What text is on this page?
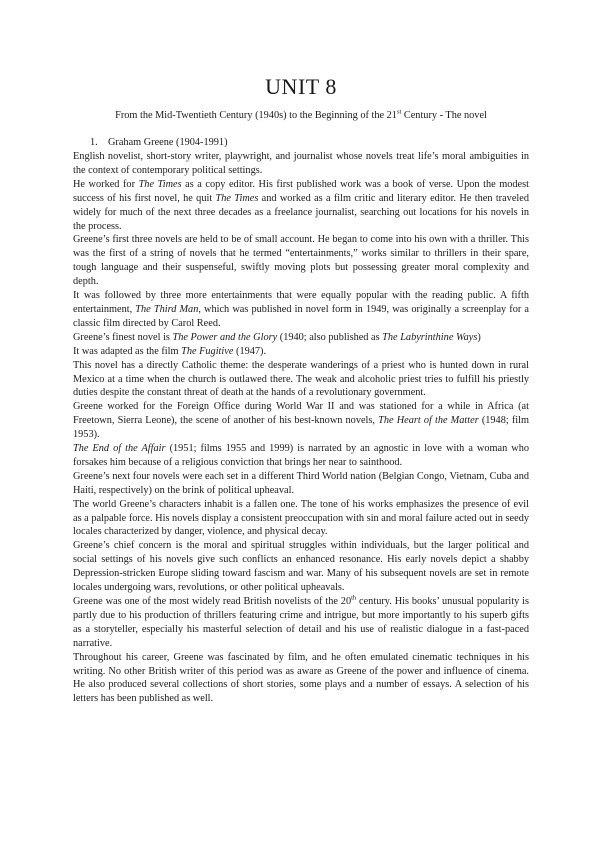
UNIT 8
From the Mid-Twentieth Century (1940s) to the Beginning of the 21st Century - The novel
1. Graham Greene (1904-1991)

English novelist, short-story writer, playwright, and journalist whose novels treat life’s moral ambiguities in the context of contemporary political settings.

He worked for The Times as a copy editor. His first published work was a book of verse. Upon the modest success of his first novel, he quit The Times and worked as a film critic and literary editor. He then traveled widely for much of the next three decades as a freelance journalist, searching out locations for his novels in the process.

Greene’s first three novels are held to be of small account. He began to come into his own with a thriller. This was the first of a string of novels that he termed “entertainments,” works similar to thrillers in their spare, tough language and their suspenseful, swiftly moving plots but possessing greater moral complexity and depth.

It was followed by three more entertainments that were equally popular with the reading public. A fifth entertainment, The Third Man, which was published in novel form in 1949, was originally a screenplay for a classic film directed by Carol Reed.

Greene’s finest novel is The Power and the Glory (1940; also published as The Labyrinthine Ways)

It was adapted as the film The Fugitive (1947).

This novel has a directly Catholic theme: the desperate wanderings of a priest who is hunted down in rural Mexico at a time when the church is outlawed there. The weak and alcoholic priest tries to fulfill his priestly duties despite the constant threat of death at the hands of a revolutionary government.

Greene worked for the Foreign Office during World War II and was stationed for a while in Africa (at Freetown, Sierra Leone), the scene of another of his best-known novels, The Heart of the Matter (1948; film 1953).

The End of the Affair (1951; films 1955 and 1999) is narrated by an agnostic in love with a woman who forsakes him because of a religious conviction that brings her near to sainthood.

Greene’s next four novels were each set in a different Third World nation (Belgian Congo, Vietnam, Cuba and Haiti, respectively) on the brink of political upheaval.

The world Greene’s characters inhabit is a fallen one. The tone of his works emphasizes the presence of evil as a palpable force. His novels display a consistent preoccupation with sin and moral failure acted out in seedy locales characterized by danger, violence, and physical decay.

Greene’s chief concern is the moral and spiritual struggles within individuals, but the larger political and social settings of his novels give such conflicts an enhanced resonance. His early novels depict a shabby Depression-stricken Europe sliding toward fascism and war. Many of his subsequent novels are set in remote locales undergoing wars, revolutions, or other political upheavals.

Greene was one of the most widely read British novelists of the 20th century. His books’ unusual popularity is partly due to his production of thrillers featuring crime and intrigue, but more importantly to his superb gifts as a storyteller, especially his masterful selection of detail and his use of realistic dialogue in a fast-paced narrative.

Throughout his career, Greene was fascinated by film, and he often emulated cinematic techniques in his writing. No other British writer of this period was as aware as Greene of the power and influence of cinema. He also produced several collections of short stories, some plays and a number of essays. A selection of his letters has been published as well.
